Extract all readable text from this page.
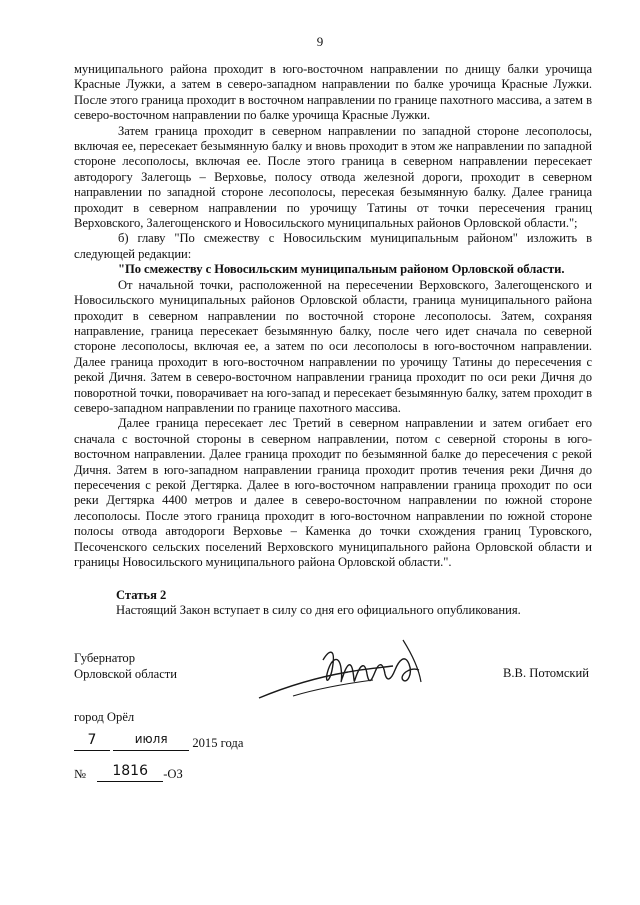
9

муниципального района проходит в юго-восточном направлении по днищу балки урочища Красные Лужки, а затем в северо-западном направлении по балке урочища Красные Лужки. После этого граница проходит в восточном направлении по границе пахотного массива, а затем в северо-восточном направлении по балке урочища Красные Лужки.

Затем граница проходит в северном направлении по западной стороне лесополосы, включая ее, пересекает безымянную балку и вновь проходит в этом же направлении по западной стороне лесополосы, включая ее. После этого граница в северном направлении пересекает автодорогу Залегощь – Верховье, полосу отвода железной дороги, проходит в северном направлении по западной стороне лесополосы, пересекая безымянную балку. Далее граница проходит в северном направлении по урочищу Татины от точки пересечения границ Верховского, Залегощенского и Новосильского муниципальных районов Орловской области.";

б) главу "По смежеству с Новосильским муниципальным районом" изложить в следующей редакции:

"По смежеству с Новосильским муниципальным районом Орловской области.

От начальной точки, расположенной на пересечении Верховского, Залегощенского и Новосильского муниципальных районов Орловской области, граница муниципального района проходит в северном направлении по восточной стороне лесополосы. Затем, сохраняя направление, граница пересекает безымянную балку, после чего идет сначала по северной стороне лесополосы, включая ее, а затем по оси лесополосы в юго-восточном направлении. Далее граница проходит в юго-восточном направлении по урочищу Татины до пересечения с рекой Дичня. Затем в северо-восточном направлении граница проходит по оси реки Дичня до поворотной точки, поворачивает на юго-запад и пересекает безымянную балку, затем проходит в северо-западном направлении по границе пахотного массива.

Далее граница пересекает лес Третий в северном направлении и затем огибает его сначала с восточной стороны в северном направлении, потом с северной стороны в юго-восточном направлении. Далее граница проходит по безымянной балке до пересечения с рекой Дичня. Затем в юго-западном направлении граница проходит против течения реки Дичня до пересечения с рекой Дегтярка. Далее в юго-восточном направлении граница проходит по оси реки Дегтярка 4400 метров и далее в северо-восточном направлении по южной стороне лесополосы. После этого граница проходит в юго-восточном направлении по южной стороне полосы отвода автодороги Верховье – Каменка до точки схождения границ Туровского, Песоченского сельских поселений Верховского муниципального района Орловской области и границы Новосильского муниципального района Орловской области.".

Статья 2
Настоящий Закон вступает в силу со дня его официального опубликования.
Губернатор
Орловской области	В.В. Потомский
город Орёл
7	июля 2015 года
№ 1816 -ОЗ
